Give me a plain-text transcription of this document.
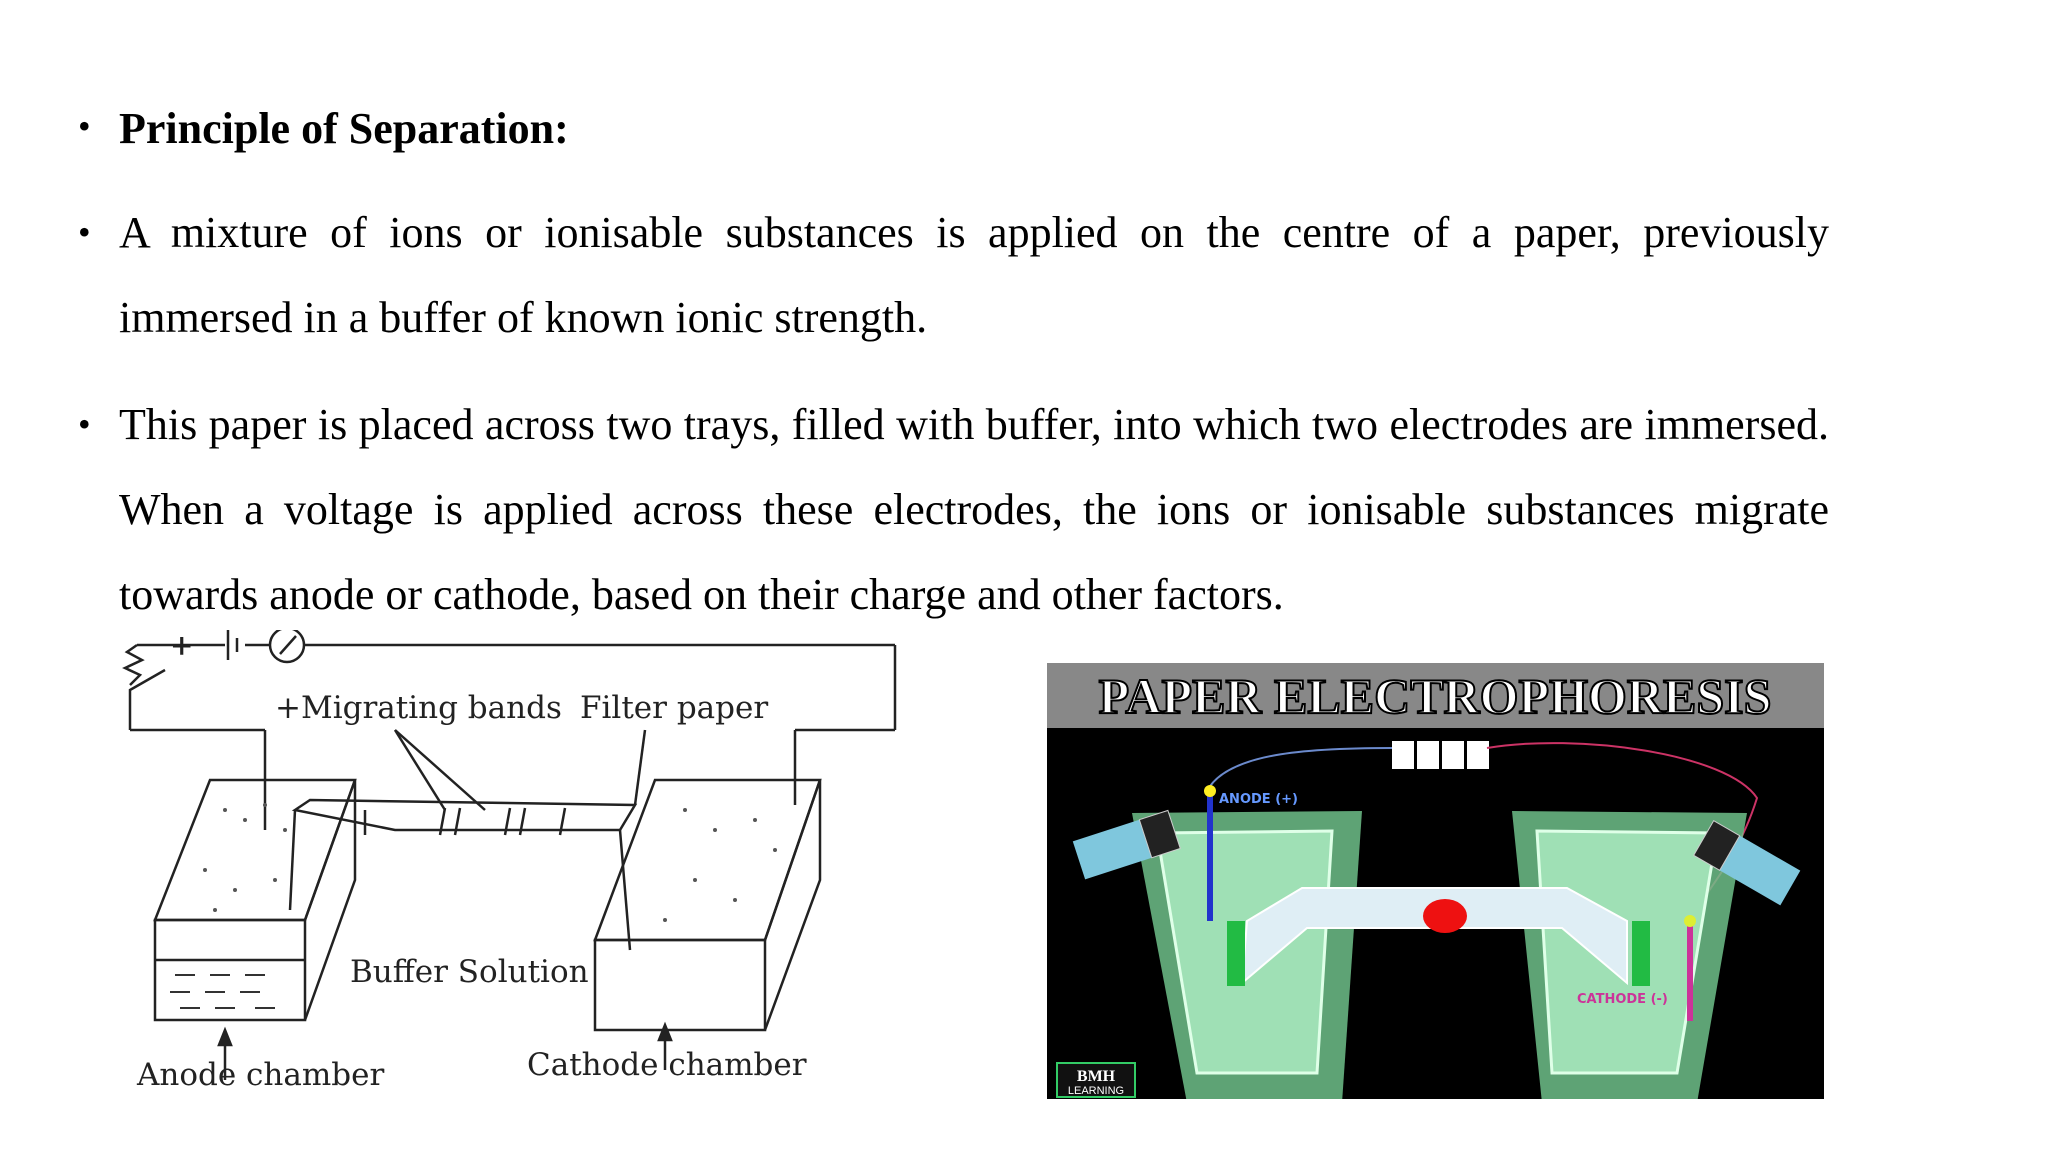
• Principle of Separation:
• A mixture of ions or ionisable substances is applied on the centre of a paper, previously immersed in a buffer of known ionic strength.
• This paper is placed across two trays, filled with buffer, into which two electrodes are immersed. When a voltage is applied across these electrodes, the ions or ionisable substances migrate towards anode or cathode, based on their charge and other factors.
+
+Migrating bands Filter paper
Buffer Solution
Anode chamber	Cathode chamber
PAPER ELECTROPHORESIS
ANODE (+)
CATHODE (-)
BMH
LEARNING
